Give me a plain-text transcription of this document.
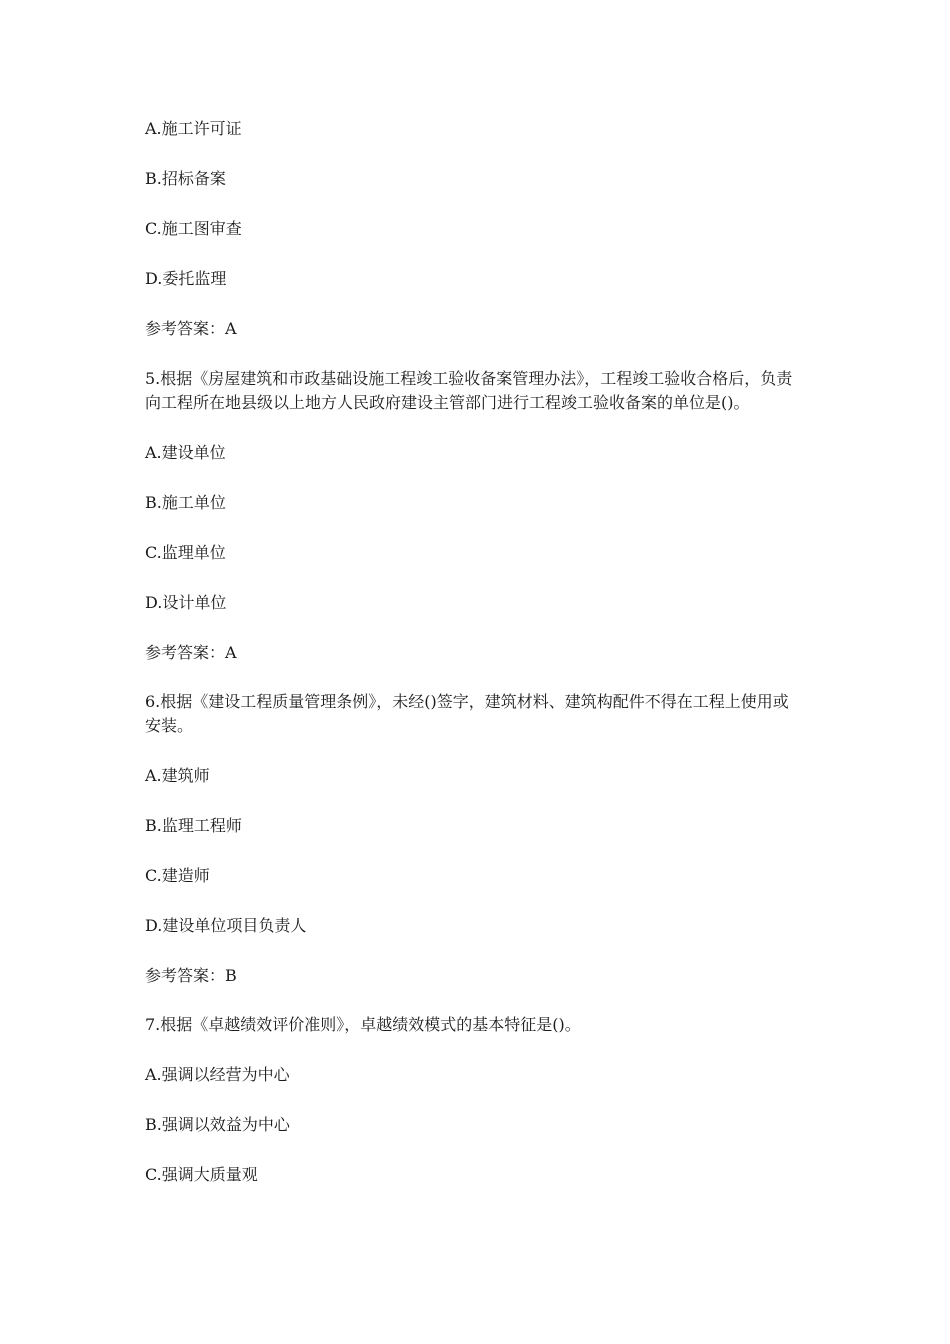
A.施工许可证
B.招标备案
C.施工图审查
D.委托监理
参考答案：A
5.根据《房屋建筑和市政基础设施工程竣工验收备案管理办法》，工程竣工验收合格后，负责
向工程所在地县级以上地方人民政府建设主管部门进行工程竣工验收备案的单位是()。
A.建设单位
B.施工单位
C.监理单位
D.设计单位
参考答案：A
6.根据《建设工程质量管理条例》，未经()签字，建筑材料、建筑构配件不得在工程上使用或
安装。
A.建筑师
B.监理工程师
C.建造师
D.建设单位项目负责人
参考答案：B
7.根据《卓越绩效评价准则》，卓越绩效模式的基本特征是()。
A.强调以经营为中心
B.强调以效益为中心
C.强调大质量观
